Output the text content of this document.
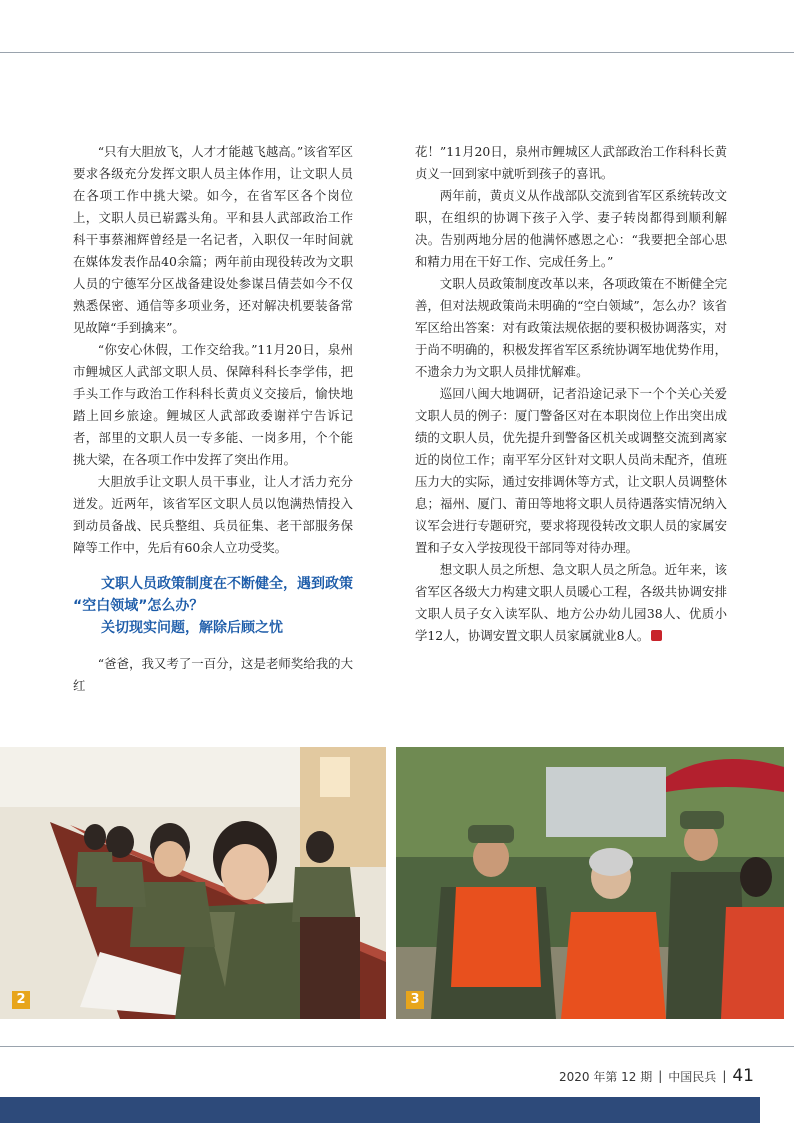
“只有大胆放飞，人才才能越飞越高。”该省军区要求各级充分发挥文职人员主体作用，让文职人员在各项工作中挑大梁。如今，在省军区各个岗位上，文职人员已崭露头角。平和县人武部政治工作科干事蔡湘辉曾经是一名记者，入职仅一年时间就在媒体发表作品40余篇；两年前由现役转改为文职人员的宁德军分区战备建设处参谋吕倩芸如今不仅熟悉保密、通信等多项业务，还对解决机要装备常见故障“手到擒来”。

“你安心休假，工作交给我。”11月20日，泉州市鲤城区人武部文职人员、保障科科长李学伟，把手头工作与政治工作科科长黄贞义交接后，愉快地踏上回乡旅途。鲤城区人武部政委谢祥宁告诉记者，部里的文职人员一专多能、一岗多用，个个能挑大梁，在各项工作中发挥了突出作用。

大胆放手让文职人员干事业，让人才活力充分迸发。近两年，该省军区文职人员以饱满热情投入到动员备战、民兵整组、兵员征集、老干部服务保障等工作中，先后有60余人立功受奖。

文职人员政策制度在不断健全，遇到政策
“空白领域”怎么办？
关切现实问题，解除后顾之忧

“爸爸，我又考了一百分，这是老师奖给我的大红

花！”11月20日，泉州市鲤城区人武部政治工作科科长黄贞义一回到家中就听到孩子的喜讯。

两年前，黄贞义从作战部队交流到省军区系统转改文职，在组织的协调下孩子入学、妻子转岗都得到顺利解决。告别两地分居的他满怀感恩之心：“我要把全部心思和精力用在干好工作、完成任务上。”

文职人员政策制度改革以来，各项政策在不断健全完善，但对法规政策尚未明确的“空白领域”，怎么办？该省军区给出答案：对有政策法规依据的要积极协调落实，对于尚不明确的，积极发挥省军区系统协调军地优势作用，不遗余力为文职人员排忧解难。

巡回八闽大地调研，记者沿途记录下一个个关心关爱文职人员的例子：厦门警备区对在本职岗位上作出突出成绩的文职人员，优先提升到警备区机关或调整交流到离家近的岗位工作；南平军分区针对文职人员尚未配齐，值班压力大的实际，通过安排调休等方式，让文职人员调整休息；福州、厦门、莆田等地将文职人员待遇落实情况纳入议军会进行专题研究，要求将现役转改文职人员的家属安置和子女入学按现役干部同等对待办理。

想文职人员之所想、急文职人员之所急。近年来，该省军区各级大力构建文职人员暖心工程，各级共协调安排文职人员子女入读军队、地方公办幼儿园38人、优质小学12人，协调安置文职人员家属就业8人。

2	3
2020 年第 12 期 | 中国民兵 | 41
